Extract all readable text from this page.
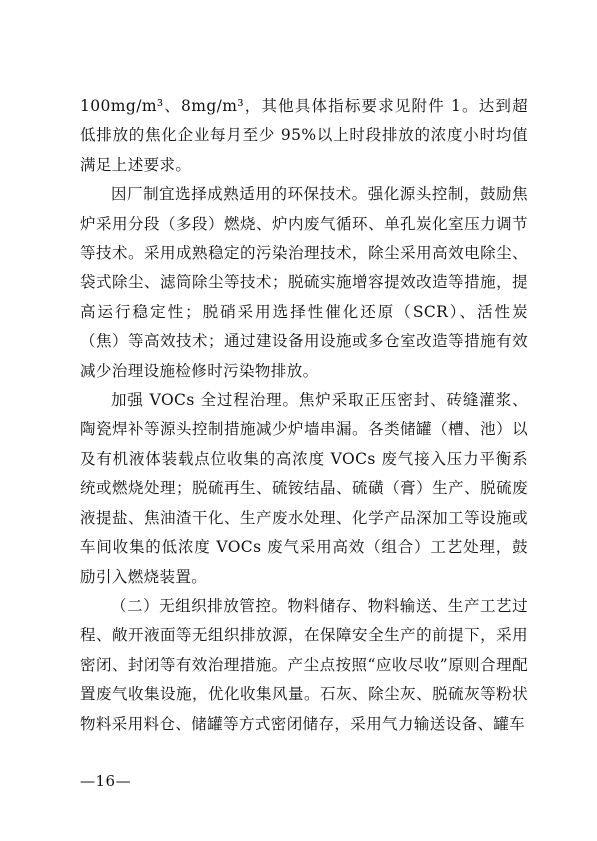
100mg/m³、8mg/m³，其他具体指标要求见附件 1。达到超低排放的焦化企业每月至少 95%以上时段排放的浓度小时均值满足上述要求。

因厂制宜选择成熟适用的环保技术。强化源头控制，鼓励焦炉采用分段（多段）燃烧、炉内废气循环、单孔炭化室压力调节等技术。采用成熟稳定的污染治理技术，除尘采用高效电除尘、袋式除尘、滤筒除尘等技术；脱硫实施增容提效改造等措施，提高运行稳定性；脱硝采用选择性催化还原（SCR）、活性炭（焦）等高效技术；通过建设备用设施或多仓室改造等措施有效减少治理设施检修时污染物排放。

加强 VOCs 全过程治理。焦炉采取正压密封、砖缝灌浆、陶瓷焊补等源头控制措施减少炉墙串漏。各类储罐（槽、池）以及有机液体装载点位收集的高浓度 VOCs 废气接入压力平衡系统或燃烧处理；脱硫再生、硫铵结晶、硫磺（膏）生产、脱硫废液提盐、焦油渣干化、生产废水处理、化学产品深加工等设施或车间收集的低浓度 VOCs 废气采用高效（组合）工艺处理，鼓励引入燃烧装置。

（二）无组织排放管控。物料储存、物料输送、生产工艺过程、敞开液面等无组织排放源，在保障安全生产的前提下，采用密闭、封闭等有效治理措施。产尘点按照“应收尽收”原则合理配置废气收集设施，优化收集风量。石灰、除尘灰、脱硫灰等粉状物料采用料仓、储罐等方式密闭储存，采用气力输送设备、罐车

—16—
